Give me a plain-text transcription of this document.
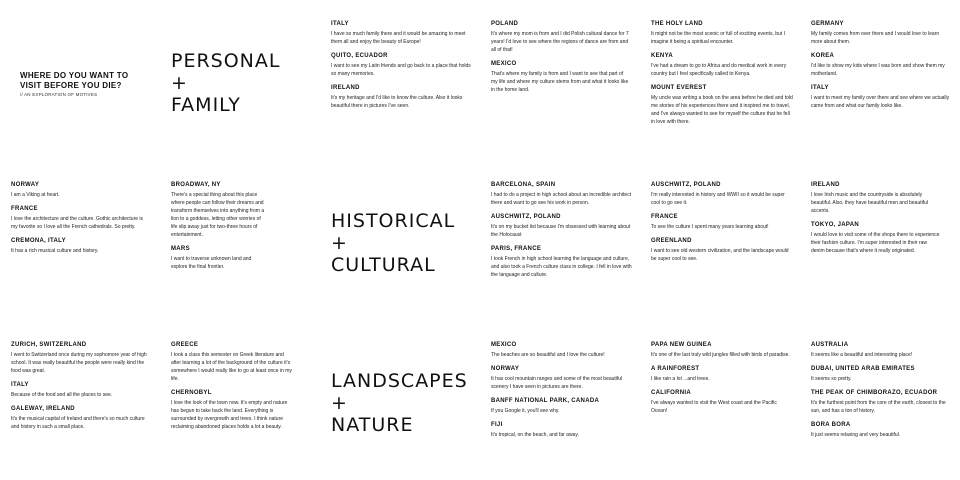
WHERE DO YOU WANT TO VISIT BEFORE YOU DIE?

// AN EXPLORATION OF MOTIVES

PERSONAL
+
FAMILY
HISTORICAL
+
CULTURAL
LANDSCAPES
+
NATURE

ITALY

I have so much family there and it would be amazing to meet them all and enjoy the beauty of Europe!

QUITO, ECUADOR

I want to see my Latin friends and go back to a place that holds so many memories.

IRELAND

It's my heritage and I'd like to know the culture. Also it looks beautiful there in pictures I've seen.

POLAND

It's where my mom is from and I did Polish cultural dance for 7 years! I'd love to see where the regions of dance are from and all of that!

MEXICO

That's where my family is from and I want to see that part of my life and where my culture stems from and what it looks like in the home land.

THE HOLY LAND

It might not be the most scenic or full of exciting events, but I imagine it being a spiritual encounter.

KENYA

I've had a dream to go to Africa and do medical work in every country but I feel specifically called to Kenya.

MOUNT EVEREST

My uncle was writing a book on the area before he died and told me stories of his experiences there and it inspired me to travel, and I've always wanted to see for myself the culture that he fell in love with there.

GERMANY

My family comes from over there and I would love to learn more about them.

KOREA

I'd like to show my kids where I was born and show them my motherland.

ITALY

I want to meet my family over there and see where we actually came from and what our family looks like.

NORWAY

I am a Viking at heart.

FRANCE

I love the architecture and the culture. Gothic architecture is my favorite so I love all the French cathedrals. So pretty.

CREMONA, ITALY

It has a rich musical culture and history.

BROADWAY, NY

There's a special thing about this place where people can follow their dreams and transform themselves into anything from a lion to a goddess, letting other worries of life slip away just for two-three hours of entertainment.

MARS

I want to traverse unknown land and explore the final frontier.

BARCELONA, SPAIN

I had to do a project in high school about an incredible architect there and want to go see his work in person.

AUSCHWITZ, POLAND

It's on my bucket list because I'm obsessed with learning about the Holocaust

PARIS, FRANCE

I took French in high school learning the language and culture, and also took a French culture class in college. I fell in love with the language and culture.

AUSCHWITZ, POLAND

I'm really interested in history and WWII so it would be super cool to go see it.

FRANCE

To see the culture I spent many years learning about!

GREENLAND

I want to see old western civilization, and the landscape would be super cool to see.

IRELAND

I love Irish music and the countryside is absolutely beautiful. Also, they have beautiful men and beautiful accents.

TOKYO, JAPAN

I would love to visit some of the shops there to experience their fashion culture. I'm super interested in their raw denim because that's where it really originated.

ZURICH, SWITZERLAND

I went to Switzerland once during my sophomore year of high school. It was really beautiful the people were really kind the food was great.

ITALY

Because of the food and all the places to see.

GALEWAY, IRELAND

It's the musical capital of Ireland and there's so much culture and history in such a small place.

GREECE

I took a class this semester on Greek literature and after learning a lot of the background of the culture it's somewhere I would really like to go at least once in my life.

CHERNOBYL

I love the look of the town now. It's empty and nature has begun to take back the land. Everything is surrounded by overgrowth and trees. I think nature reclaiming abandoned places holds a lot a beauty.

MEXICO

The beaches are so beautiful and I love the culture!

NORWAY

It has cool mountain ranges and some of the most beautiful scenery I have seen in pictures are there.

BANFF NATIONAL PARK, CANADA

If you Google it, you'll see why.

FIJI

It's tropical, on the beach, and far away.

PAPA NEW GUINEA

It's one of the last truly wild jungles filled with birds of paradise.

A RAINFOREST

I like rain a lot ...and trees.

CALIFORNIA

I've always wanted to visit the West coast and the Pacific Ocean!

AUSTRALIA

It seems like a beautiful and interesting place!

DUBAI, UNITED ARAB EMIRATES

It seems so pretty.

THE PEAK OF CHIMBORAZO, ECUADOR

It's the furthest point from the core of the earth, closest to the sun, and has a ton of history.

BORA BORA

It just seems relaxing and very beautiful.
